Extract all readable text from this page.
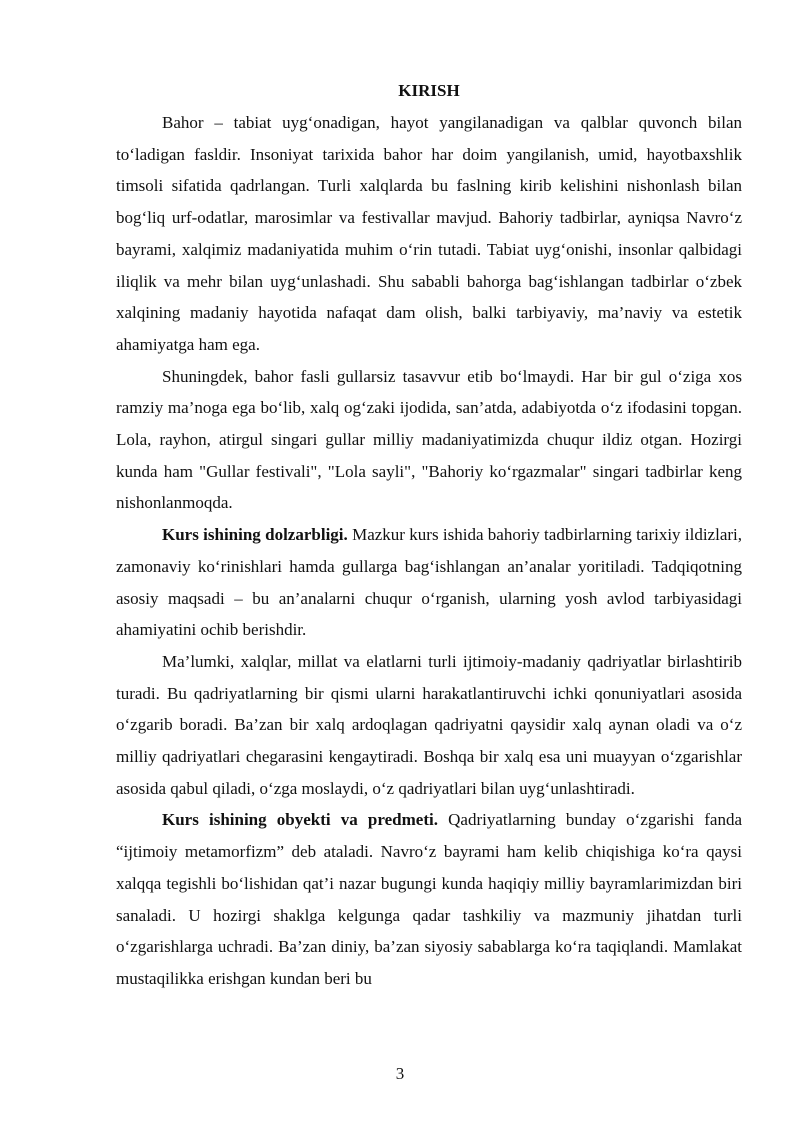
KIRISH

Bahor – tabiat uyg‘onadigan, hayot yangilanadigan va qalblar quvonch bilan to‘ladigan fasldir. Insoniyat tarixida bahor har doim yangilanish, umid, hayotbaxshlik timsoli sifatida qadrlangan. Turli xalqlarda bu faslning kirib kelishini nishonlash bilan bog‘liq urf-odatlar, marosimlar va festivallar mavjud. Bahoriy tadbirlar, ayniqsa Navro‘z bayrami, xalqimiz madaniyatida muhim o‘rin tutadi. Tabiat uyg‘onishi, insonlar qalbidagi iliqlik va mehr bilan uyg‘unlashadi. Shu sababli bahorga bag‘ishlangan tadbirlar o‘zbek xalqining madaniy hayotida nafaqat dam olish, balki tarbiyaviy, ma’naviy va estetik ahamiyatga ham ega.

Shuningdek, bahor fasli gullarsiz tasavvur etib bo‘lmaydi. Har bir gul o‘ziga xos ramziy ma’noga ega bo‘lib, xalq og‘zaki ijodida, san’atda, adabiyotda o‘z ifodasini topgan. Lola, rayhon, atirgul singari gullar milliy madaniyatimizda chuqur ildiz otgan. Hozirgi kunda ham "Gullar festivali", "Lola sayli", "Bahoriy ko‘rgazmalar" singari tadbirlar keng nishonlanmoqda.

Kurs ishining dolzarbligi. Mazkur kurs ishida bahoriy tadbirlarning tarixiy ildizlari, zamonaviy ko‘rinishlari hamda gullarga bag‘ishlangan an’analar yoritiladi. Tadqiqotning asosiy maqsadi – bu an’analarni chuqur o‘rganish, ularning yosh avlod tarbiyasidagi ahamiyatini ochib berishdir.

Ma’lumki, xalqlar, millat va elatlarni turli ijtimoiy-madaniy qadriyatlar birlashtirib turadi. Bu qadriyatlarning bir qismi ularni harakatlantiruvchi ichki qonuniyatlari asosida o‘zgarib boradi. Ba’zan bir xalq ardoqlagan qadriyatni qaysidir xalq aynan oladi va o‘z milliy qadriyatlari chegarasini kengaytiradi. Boshqa bir xalq esa uni muayyan o‘zgarishlar asosida qabul qiladi, o‘zga moslaydi, o‘z qadriyatlari bilan uyg‘unlashtiradi.

Kurs ishining obyekti va predmeti. Qadriyatlarning bunday o‘zgarishi fanda “ijtimoiy metamorfizm” deb ataladi. Navro‘z bayrami ham kelib chiqishiga ko‘ra qaysi xalqqa tegishli bo‘lishidan qat’i nazar bugungi kunda haqiqiy milliy bayramlarimizdan biri sanaladi. U hozirgi shaklga kelgunga qadar tashkiliy va mazmuniy jihatdan turli o‘zgarishlarga uchradi. Ba’zan diniy, ba’zan siyosiy sabablarga ko‘ra taqiqlandi. Mamlakat mustaqilikka erishgan kundan beri bu

3
